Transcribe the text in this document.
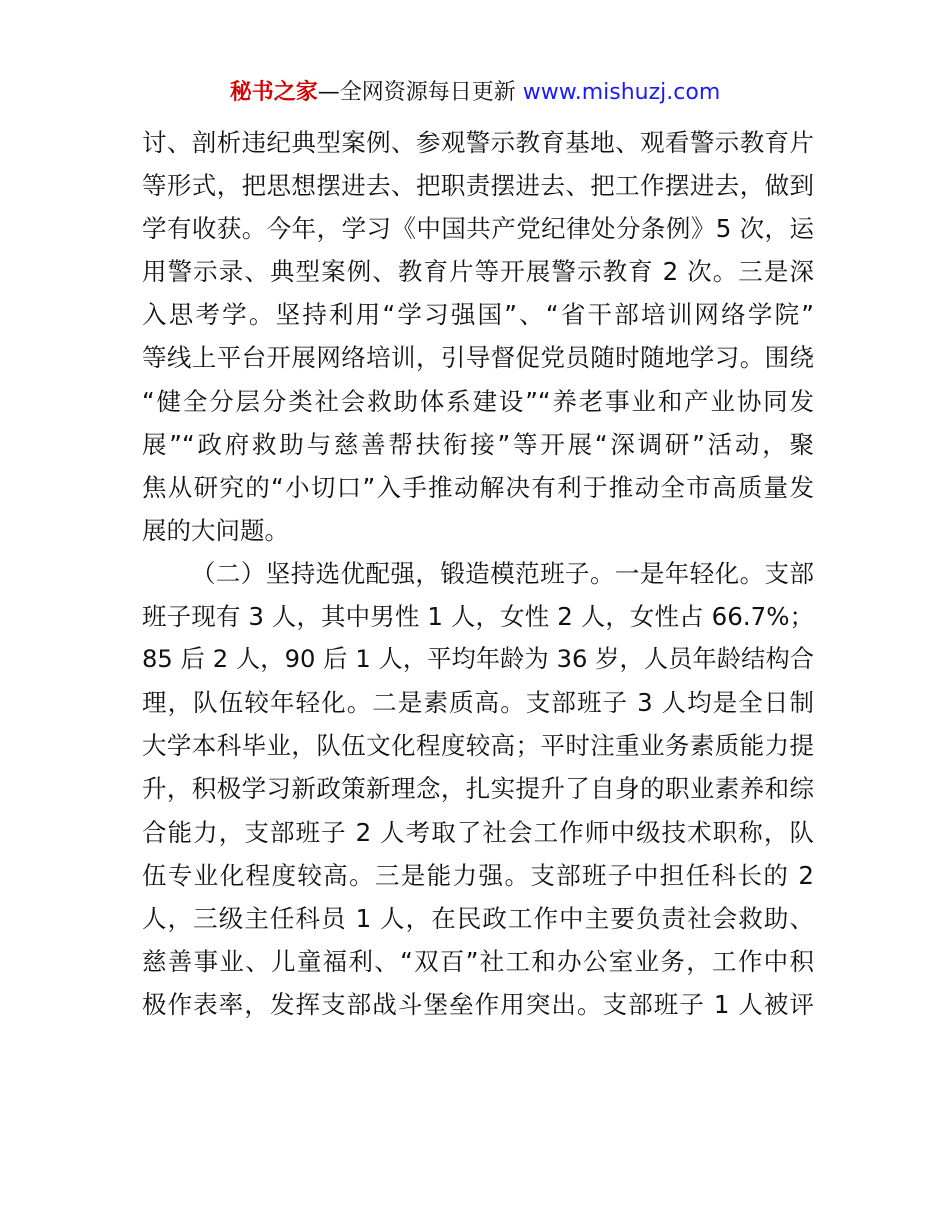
秘书之家—全网资源每日更新 www.mishuzj.com
讨、剖析违纪典型案例、参观警示教育基地、观看警示教育片
等形式，把思想摆进去、把职责摆进去、把工作摆进去，做到
学有收获。今年，学习《中国共产党纪律处分条例》5 次，运
用警示录、典型案例、教育片等开展警示教育 2 次。三是深
入思考学。坚持利用“学习强国”、“省干部培训网络学院”
等线上平台开展网络培训，引导督促党员随时随地学习。围绕
“健全分层分类社会救助体系建设”“养老事业和产业协同发
展”“政府救助与慈善帮扶衔接”等开展“深调研”活动，聚
焦从研究的“小切口”入手推动解决有利于推动全市高质量发
展的大问题。
（二）坚持选优配强，锻造模范班子。一是年轻化。支部
班子现有 3 人，其中男性 1 人，女性 2 人，女性占 66.7%；
85 后 2 人，90 后 1 人，平均年龄为 36 岁，人员年龄结构合
理，队伍较年轻化。二是素质高。支部班子 3 人均是全日制
大学本科毕业，队伍文化程度较高；平时注重业务素质能力提
升，积极学习新政策新理念，扎实提升了自身的职业素养和综
合能力，支部班子 2 人考取了社会工作师中级技术职称，队
伍专业化程度较高。三是能力强。支部班子中担任科长的 2
人，三级主任科员 1 人，在民政工作中主要负责社会救助、
慈善事业、儿童福利、“双百”社工和办公室业务，工作中积
极作表率，发挥支部战斗堡垒作用突出。支部班子 1 人被评
